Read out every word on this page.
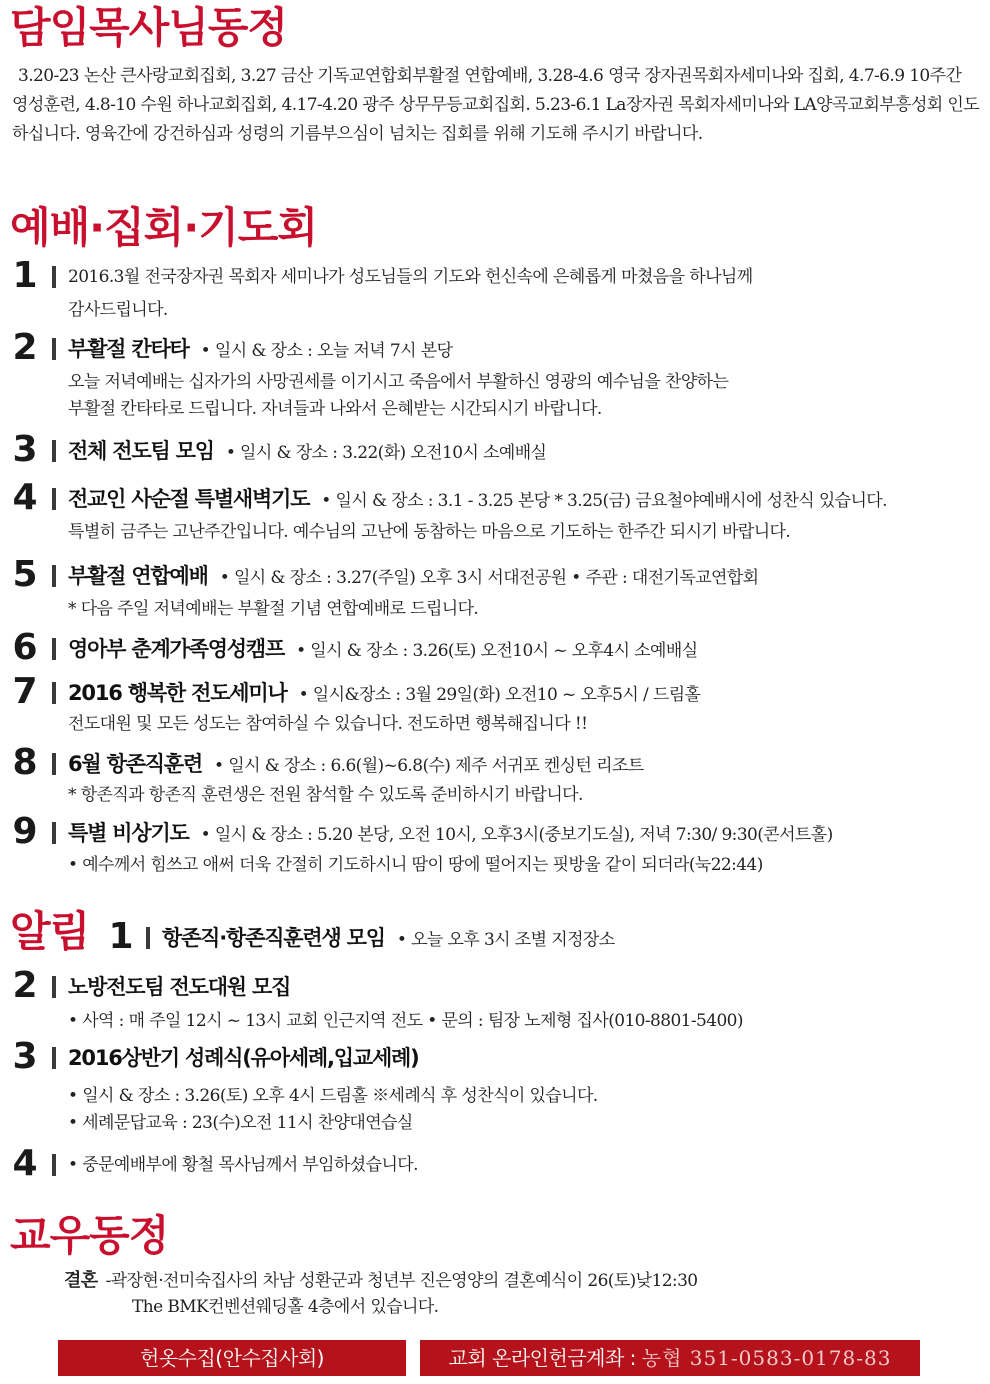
담임목사님동정
3.20-23 논산 큰사랑교회집회, 3.27 금산 기독교연합회부활절 연합예배, 3.28-4.6 영국 장자권목회자세미나와 집회, 4.7-6.9 10주간 영성훈련, 4.8-10 수원 하나교회집회, 4.17-4.20 광주 상무무등교회집회. 5.23-6.1 La장자권 목회자세미나와 LA양곡교회부흥성회 인도하십니다. 영육간에 강건하심과 성령의 기름부으심이 넘치는 집회를 위해 기도해 주시기 바랍니다.
예배·집회·기도회
1 2016.3월 전국장자권 목회자 세미나가 성도님들의 기도와 헌신속에 은혜롭게 마쳤음을 하나님께
감사드립니다.
2 부활절 칸타타 • 일시 & 장소 : 오늘 저녁 7시 본당
오늘 저녁예배는 십자가의 사망권세를 이기시고 죽음에서 부활하신 영광의 예수님을 찬양하는
부활절 칸타타로 드립니다. 자녀들과 나와서 은혜받는 시간되시기 바랍니다.
3 전체 전도팀 모임 • 일시 & 장소 : 3.22(화) 오전10시 소예배실
4 전교인 사순절 특별새벽기도 • 일시 & 장소 : 3.1 - 3.25 본당 * 3.25(금) 금요철야예배시에 성찬식 있습니다.
특별히 금주는 고난주간입니다. 예수님의 고난에 동참하는 마음으로 기도하는 한주간 되시기 바랍니다.
5 부활절 연합예배 • 일시 & 장소 : 3.27(주일) 오후 3시 서대전공원 • 주관 : 대전기독교연합회
* 다음 주일 저녁예배는 부활절 기념 연합예배로 드립니다.
6 영아부 춘계가족영성캠프 • 일시 & 장소 : 3.26(토) 오전10시 ~ 오후4시 소예배실
7 2016 행복한 전도세미나 • 일시&장소 : 3월 29일(화) 오전10 ~ 오후5시 / 드림홀
전도대원 및 모든 성도는 참여하실 수 있습니다. 전도하면 행복해집니다 !!
8 6월 항존직훈련 • 일시 & 장소 : 6.6(월)~6.8(수) 제주 서귀포 켄싱턴 리조트
* 항존직과 항존직 훈련생은 전원 참석할 수 있도록 준비하시기 바랍니다.
9 특별 비상기도 • 일시 & 장소 : 5.20 본당, 오전 10시, 오후3시(중보기도실), 저녁 7:30/ 9:30(콘서트홀)
• 예수께서 힘쓰고 애써 더욱 간절히 기도하시니 땀이 땅에 떨어지는 핏방울 같이 되더라(눅22:44)
알림 1 항존직·항존직훈련생 모임 • 오늘 오후 3시 조별 지정장소
2 노방전도팀 전도대원 모집
• 사역 : 매 주일 12시 ~ 13시 교회 인근지역 전도 • 문의 : 팀장 노제형 집사(010-8801-5400)
3 2016상반기 성례식(유아세례,입교세례)
• 일시 & 장소 : 3.26(토) 오후 4시 드림홀 ※세례식 후 성찬식이 있습니다.
• 세례문답교육 : 23(수)오전 11시 찬양대연습실
4 • 중문예배부에 황철 목사님께서 부임하셨습니다.
교우동정
결혼 -곽장현·전미숙집사의 차남 성환군과 청년부 진은영양의 결혼예식이 26(토)낮12:30
The BMK컨벤션웨딩홀 4층에서 있습니다.
헌옷수집(안수집사회)	교회 온라인헌금계좌 : 농협 351-0583-0178-83
